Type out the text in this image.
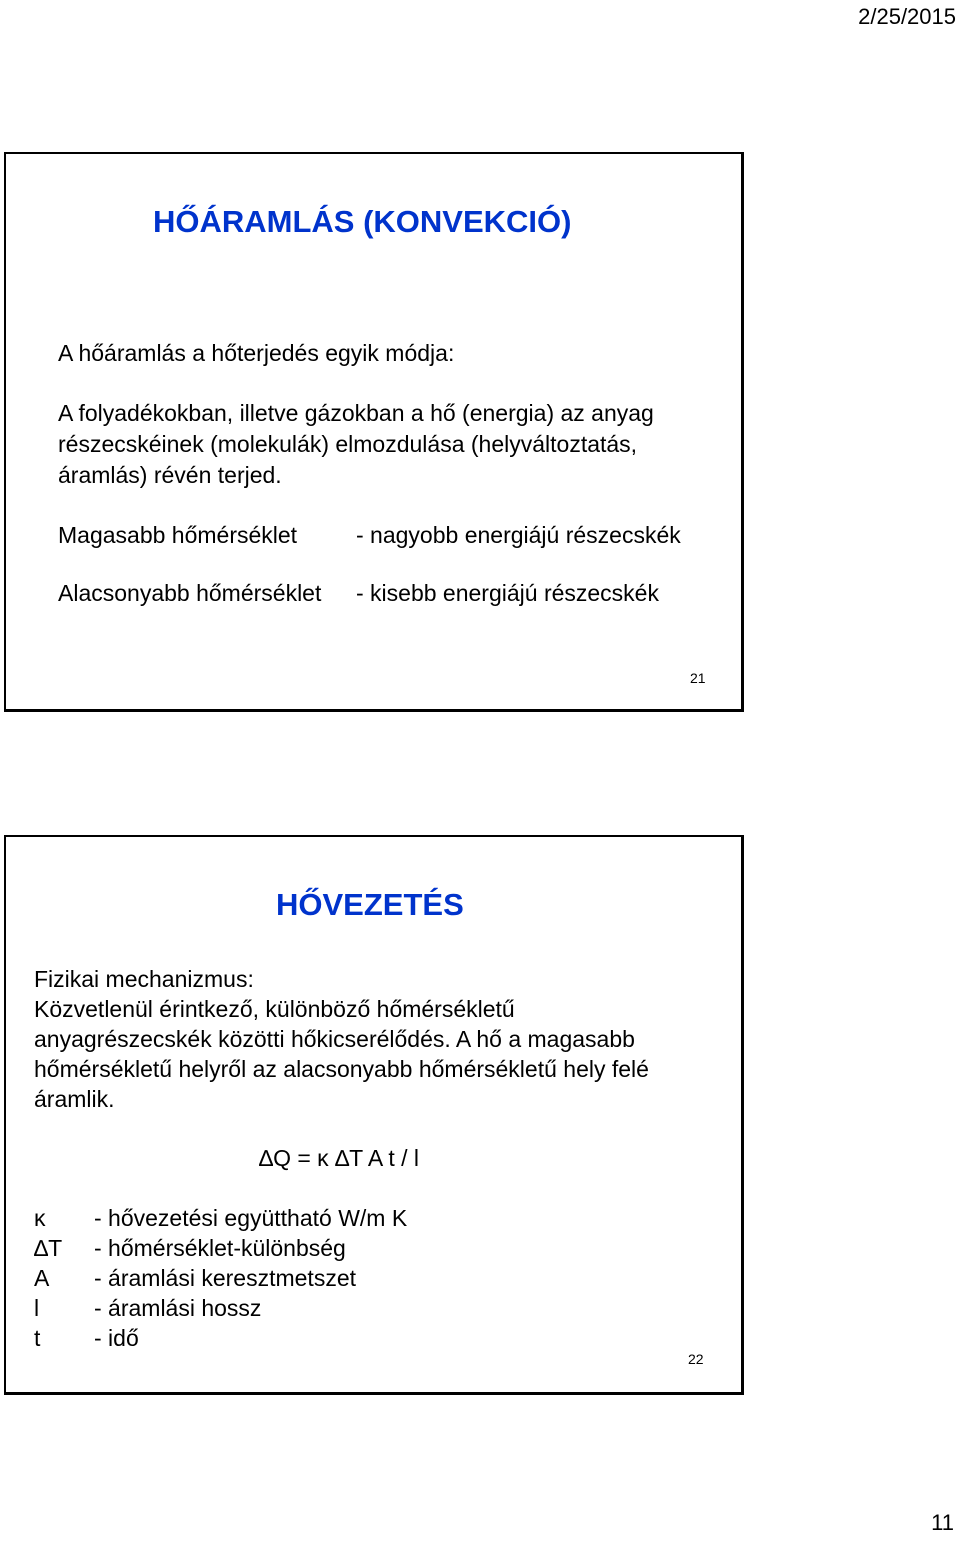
2/25/2015
HŐÁRAMLÁS (KONVEKCIÓ)
A hőáramlás a hőterjedés egyik módja:
A folyadékokban, illetve gázokban a hő (energia) az anyag
részecskéinek (molekulák) elmozdulása (helyváltoztatás,
áramlás) révén terjed.
Magasabb hőmérséklet	- nagyobb energiájú részecskék
Alacsonyabb hőmérséklet - kisebb energiájú részecskék
21
HŐVEZETÉS
Fizikai mechanizmus:
Közvetlenül érintkező, különböző hőmérsékletű
anyagrészecskék közötti hőkicserélődés. A hő a magasabb
hőmérsékletű helyről az alacsonyabb hőmérsékletű hely felé
áramlik.
∆Q = κ ∆T A t / l
κ - hővezetési együttható W/m K
∆T - hőmérséklet-különbség
A - áramlási keresztmetszet
l - áramlási hossz
t - idő
22
11
